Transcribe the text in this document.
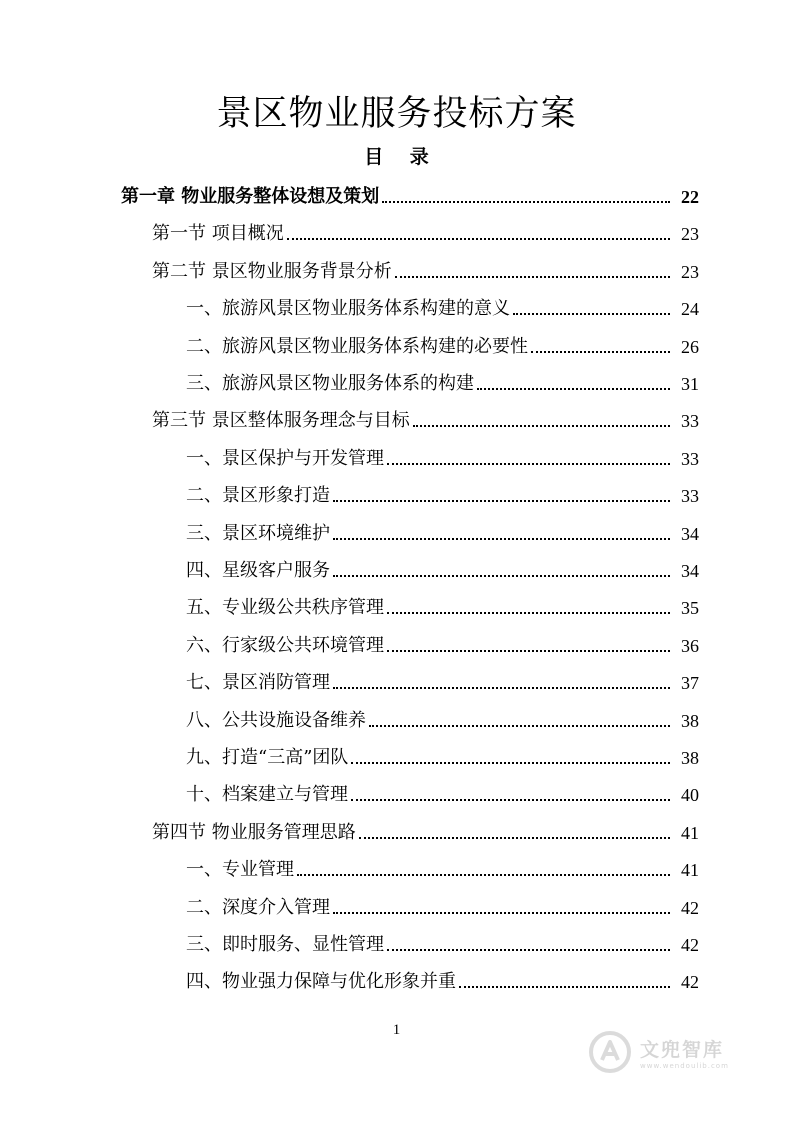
景区物业服务投标方案
目 录
第一章 物业服务整体设想及策划	22
第一节 项目概况	23
第二节 景区物业服务背景分析	23
一、旅游风景区物业服务体系构建的意义	24
二、旅游风景区物业服务体系构建的必要性	26
三、旅游风景区物业服务体系的构建	31
第三节 景区整体服务理念与目标	33
一、景区保护与开发管理	33
二、景区形象打造	33
三、景区环境维护	34
四、星级客户服务	34
五、专业级公共秩序管理	35
六、行家级公共环境管理	36
七、景区消防管理	37
八、公共设施设备维养	38
九、打造“三高”团队	38
十、档案建立与管理	40
第四节 物业服务管理思路	41
一、专业管理	41
二、深度介入管理	42
三、即时服务、显性管理	42
四、物业强力保障与优化形象并重	42
1
文兜智库
www.wendoulib.com
